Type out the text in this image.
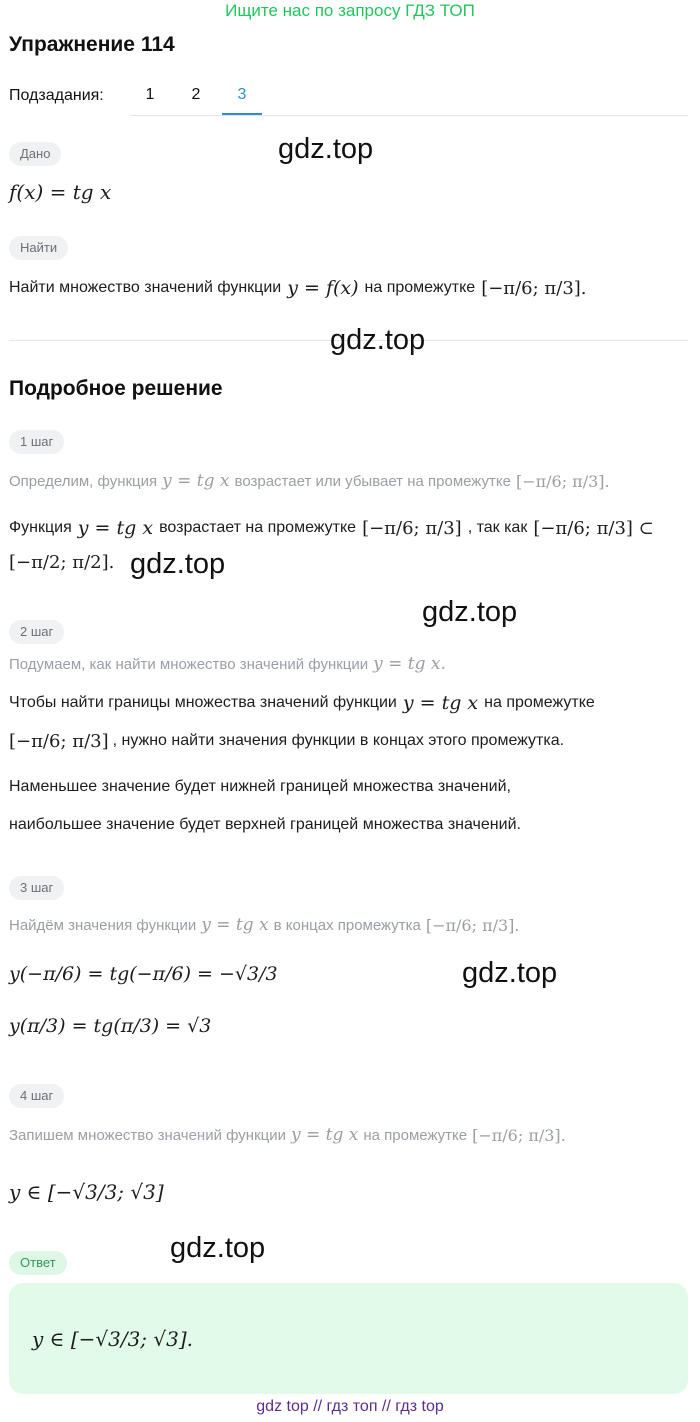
Ищите нас по запросу ГДЗ ТОП
Упражнение 114
Подзадания:	1	2	3
Дано	gdz.top
f(x) = tg x
Найти
Найти множество значений функции y = f(x) на промежутке [−π/6; π/3].
gdz.top
Подробное решение
1 шаг
Определим, функция y = tg x возрастает или убывает на промежутке [−π/6; π/3].
Функция y = tg x возрастает на промежутке [−π/6; π/3] , так как [−π/6; π/3] ⊂
[−π/2; π/2]. gdz.top
gdz.top
2 шаг
Подумаем, как найти множество значений функции y = tg x.
Чтобы найти границы множества значений функции y = tg x на промежутке
[−π/6; π/3] , нужно найти значения функции в концах этого промежутка.
Наменьшее значение будет нижней границей множества значений,
наибольшее значение будет верхней границей множества значений.
3 шаг
Найдём значения функции y = tg x в концах промежутка [−π/6; π/3].
y(−π/6) = tg(−π/6) = −√3/3	gdz.top
y(π/3) = tg(π/3) = √3
4 шаг
Запишем множество значений функции y = tg x на промежутке [−π/6; π/3].
y ∈ [−√3/3; √3]
Ответ	gdz.top
y ∈ [−√3/3; √3].
gdz top // гдз топ // гдз top
